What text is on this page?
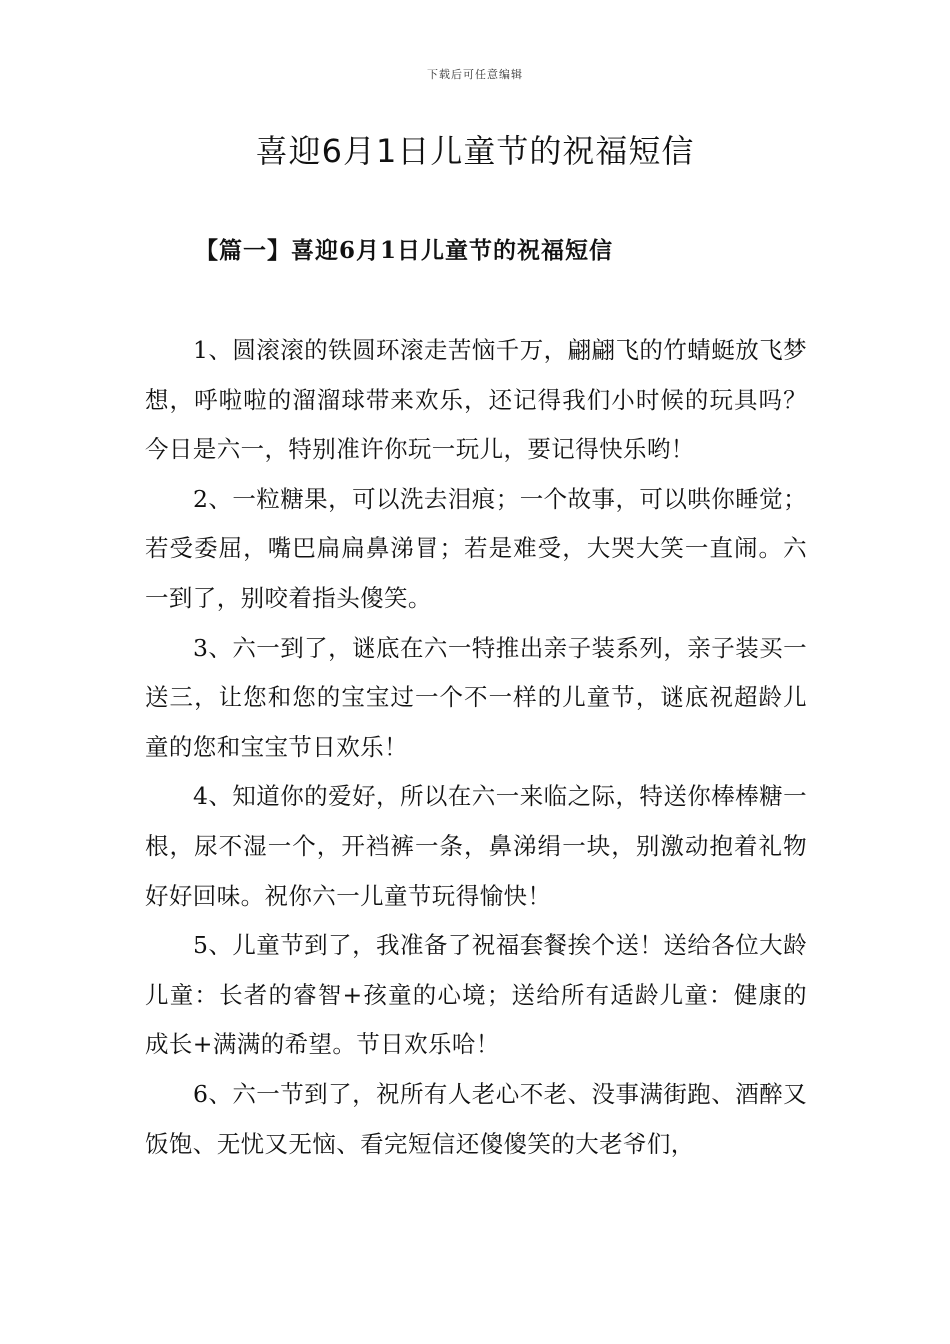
下载后可任意编辑
喜迎6月1日儿童节的祝福短信
【篇一】喜迎6月1日儿童节的祝福短信

1、圆滚滚的铁圆环滚走苦恼千万，翩翩飞的竹蜻蜓放飞梦想，呼啦啦的溜溜球带来欢乐，还记得我们小时候的玩具吗？今日是六一，特别准许你玩一玩儿，要记得快乐哟！

2、一粒糖果，可以洗去泪痕；一个故事，可以哄你睡觉；若受委屈，嘴巴扁扁鼻涕冒；若是难受，大哭大笑一直闹。六一到了，别咬着指头傻笑。

3、六一到了，谜底在六一特推出亲子装系列，亲子装买一送三，让您和您的宝宝过一个不一样的儿童节，谜底祝超龄儿童的您和宝宝节日欢乐！

4、知道你的爱好，所以在六一来临之际，特送你棒棒糖一根，尿不湿一个，开裆裤一条，鼻涕绢一块，别激动抱着礼物好好回味。祝你六一儿童节玩得愉快！

5、儿童节到了，我准备了祝福套餐挨个送！送给各位大龄儿童：长者的睿智+孩童的心境；送给所有适龄儿童：健康的成长+满满的希望。节日欢乐哈！

6、六一节到了，祝所有人老心不老、没事满街跑、酒醉又饭饱、无忧又无恼、看完短信还傻傻笑的大老爷们，
